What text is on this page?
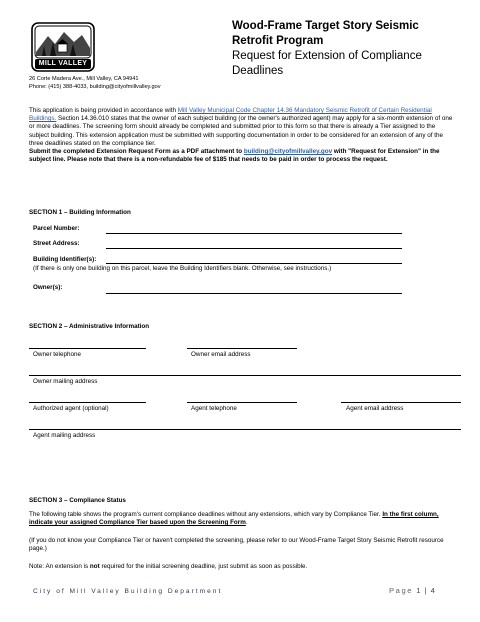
MILL VALLEY
26 Corte Madera Ave., Mill Valley, CA 94941
Phone: (415) 388-4033, building@cityofmillvalley.gov
Wood-Frame Target Story Seismic
Retrofit Program
Request for Extension of Compliance
Deadlines
This application is being provided in accordance with Mill Valley Municipal Code Chapter 14.36 Mandatory Seismic Retrofit of Certain Residential Buildings. Section 14.36.010 states that the owner of each subject building (or the owner's authorized agent) may apply for a six-month extension of one or more deadlines. The screening form should already be completed and submitted prior to this form so that there is already a Tier assigned to the subject building. This extension application must be submitted with supporting documentation in order to be considered for an extension of any of the three deadlines stated on the compliance tier.
Submit the completed Extension Request Form as a PDF attachment to building@cityofmillvalley.gov with "Request for Extension" in the subject line. Please note that there is a non-refundable fee of $185 that needs to be paid in order to process the request.
SECTION 1 – Building Information
Parcel Number:
Street Address:
Building Identifier(s):
(If there is only one building on this parcel, leave the Building Identifiers blank. Otherwise, see instructions.)
Owner(s):
SECTION 2 – Administrative Information
Owner telephone	Owner email address
Owner mailing address
Authorized agent (optional)	Agent telephone	Agent email address
Agent mailing address
SECTION 3 – Compliance Status
The following table shows the program's current compliance deadlines without any extensions, which vary by Compliance Tier. In the first column, indicate your assigned Compliance Tier based upon the Screening Form.
(If you do not know your Compliance Tier or haven't completed the screening, please refer to our Wood-Frame Target Story Seismic Retrofit resource page.)
Note: An extension is not required for the initial screening deadline, just submit as soon as possible.
City of Mill Valley Building Department	Page 1 | 4
